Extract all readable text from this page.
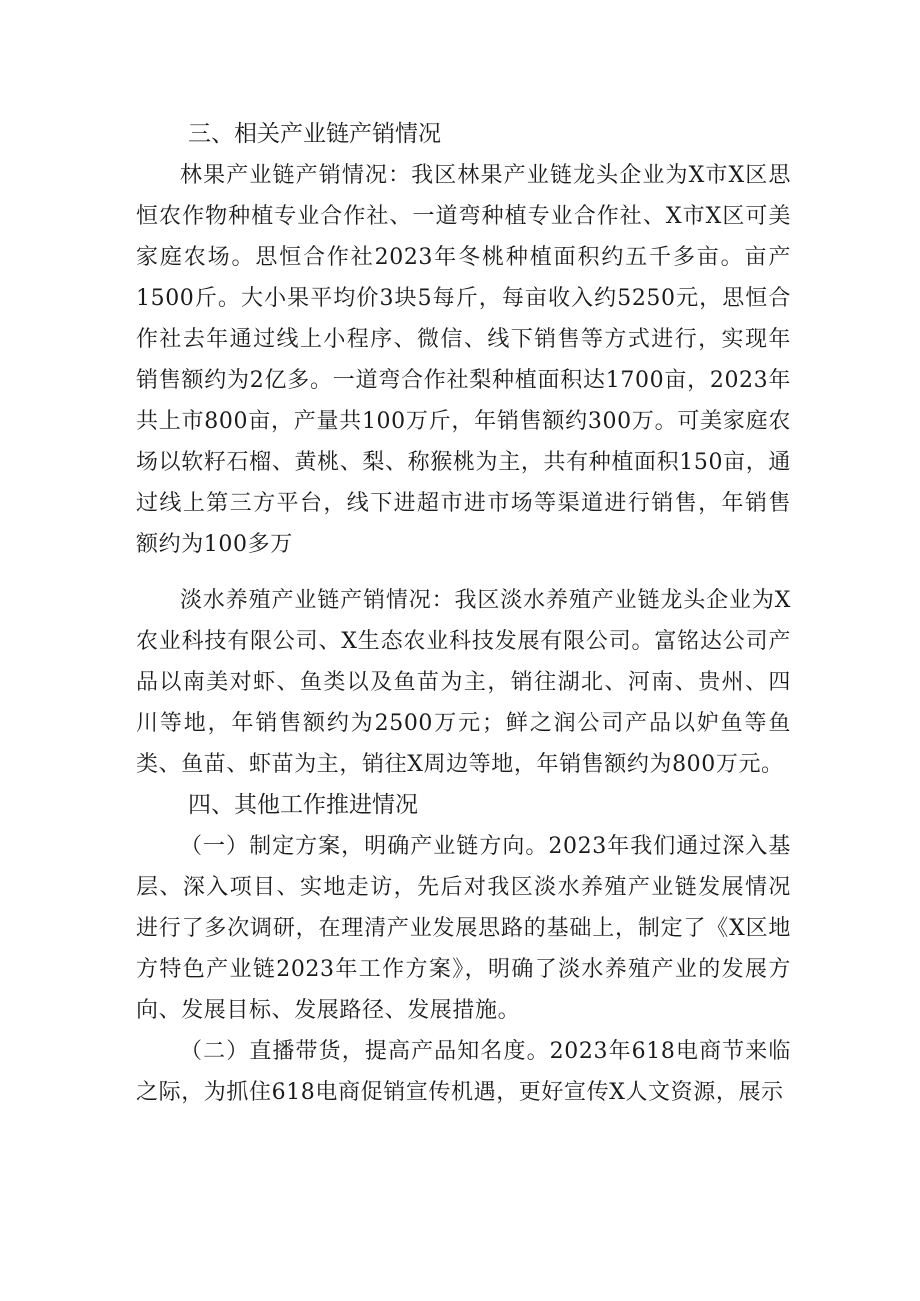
三、相关产业链产销情况

林果产业链产销情况：我区林果产业链龙头企业为X市X区思恒农作物种植专业合作社、一道弯种植专业合作社、X市X区可美家庭农场。思恒合作社2023年冬桃种植面积约五千多亩。亩产1500斤。大小果平均价3块5每斤，每亩收入约5250元，思恒合作社去年通过线上小程序、微信、线下销售等方式进行，实现年销售额约为2亿多。一道弯合作社梨种植面积达1700亩，2023年共上市800亩，产量共100万斤，年销售额约300万。可美家庭农场以软籽石榴、黄桃、梨、称猴桃为主，共有种植面积150亩，通过线上第三方平台，线下进超市进市场等渠道进行销售，年销售额约为100多万

淡水养殖产业链产销情况：我区淡水养殖产业链龙头企业为X农业科技有限公司、X生态农业科技发展有限公司。富铭达公司产品以南美对虾、鱼类以及鱼苗为主，销往湖北、河南、贵州、四川等地，年销售额约为2500万元；鲜之润公司产品以妒鱼等鱼类、鱼苗、虾苗为主，销往X周边等地，年销售额约为800万元。

四、其他工作推进情况

（一）制定方案，明确产业链方向。2023年我们通过深入基层、深入项目、实地走访，先后对我区淡水养殖产业链发展情况进行了多次调研，在理清产业发展思路的基础上，制定了《X区地方特色产业链2023年工作方案》，明确了淡水养殖产业的发展方向、发展目标、发展路径、发展措施。

（二）直播带货，提高产品知名度。2023年618电商节来临之际，为抓住618电商促销宣传机遇，更好宣传X人文资源，展示
